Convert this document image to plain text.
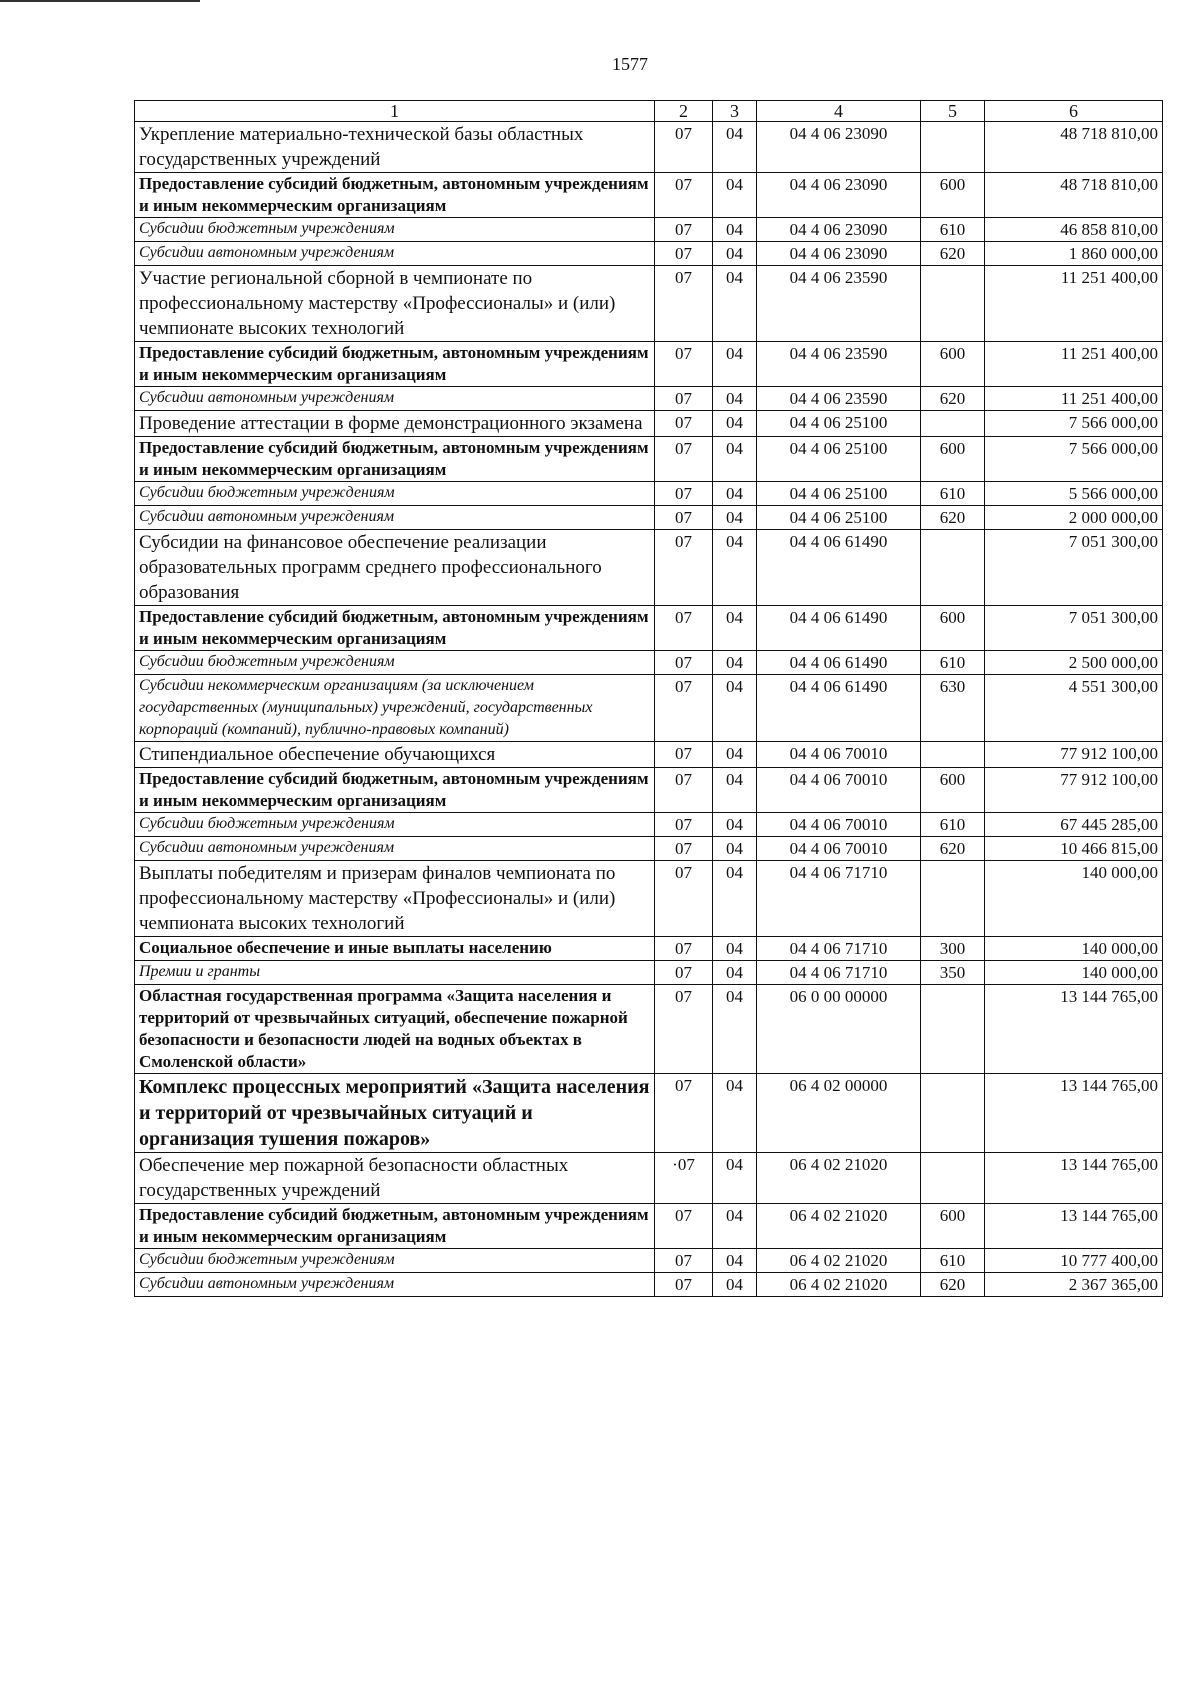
1577
1	2	3	4	5	6
Укрепление материально-технической базы областных государственных учреждений	07	04	04 4 06 23090		48 718 810,00
Предоставление субсидий бюджетным, автономным учреждениям и иным некоммерческим организациям	07	04	04 4 06 23090	600	48 718 810,00
Субсидии бюджетным учреждениям	07	04	04 4 06 23090	610	46 858 810,00
Субсидии автономным учреждениям	07	04	04 4 06 23090	620	1 860 000,00
Участие региональной сборной в чемпионате по профессиональному мастерству «Профессионалы» и (или) чемпионате высоких технологий	07	04	04 4 06 23590		11 251 400,00
Предоставление субсидий бюджетным, автономным учреждениям и иным некоммерческим организациям	07	04	04 4 06 23590	600	11 251 400,00
Субсидии автономным учреждениям	07	04	04 4 06 23590	620	11 251 400,00
Проведение аттестации в форме демонстрационного экзамена	07	04	04 4 06 25100		7 566 000,00
Предоставление субсидий бюджетным, автономным учреждениям и иным некоммерческим организациям	07	04	04 4 06 25100	600	7 566 000,00
Субсидии бюджетным учреждениям	07	04	04 4 06 25100	610	5 566 000,00
Субсидии автономным учреждениям	07	04	04 4 06 25100	620	2 000 000,00
Субсидии на финансовое обеспечение реализации образовательных программ среднего профессионального образования	07	04	04 4 06 61490		7 051 300,00
Предоставление субсидий бюджетным, автономным учреждениям и иным некоммерческим организациям	07	04	04 4 06 61490	600	7 051 300,00
Субсидии бюджетным учреждениям	07	04	04 4 06 61490	610	2 500 000,00
Субсидии некоммерческим организациям (за исключением государственных (муниципальных) учреждений, государственных корпораций (компаний), публично-правовых компаний)	07	04	04 4 06 61490	630	4 551 300,00
Стипендиальное обеспечение обучающихся	07	04	04 4 06 70010		77 912 100,00
Предоставление субсидий бюджетным, автономным учреждениям и иным некоммерческим организациям	07	04	04 4 06 70010	600	77 912 100,00
Субсидии бюджетным учреждениям	07	04	04 4 06 70010	610	67 445 285,00
Субсидии автономным учреждениям	07	04	04 4 06 70010	620	10 466 815,00
Выплаты победителям и призерам финалов чемпионата по профессиональному мастерству «Профессионалы» и (или) чемпионата высоких технологий	07	04	04 4 06 71710		140 000,00
Социальное обеспечение и иные выплаты населению	07	04	04 4 06 71710	300	140 000,00
Премии и гранты	07	04	04 4 06 71710	350	140 000,00
Областная государственная программа «Защита населения и территорий от чрезвычайных ситуаций, обеспечение пожарной безопасности и безопасности людей на водных объектах в Смоленской области»	07	04	06 0 00 00000		13 144 765,00
Комплекс процессных мероприятий «Защита населения и территорий от чрезвычайных ситуаций и организация тушения пожаров»	07	04	06 4 02 00000		13 144 765,00
Обеспечение мер пожарной безопасности областных государственных учреждений	·07	04	06 4 02 21020		13 144 765,00
Предоставление субсидий бюджетным, автономным учреждениям и иным некоммерческим организациям	07	04	06 4 02 21020	600	13 144 765,00
Субсидии бюджетным учреждениям	07	04	06 4 02 21020	610	10 777 400,00
Субсидии автономным учреждениям	07	04	06 4 02 21020	620	2 367 365,00
